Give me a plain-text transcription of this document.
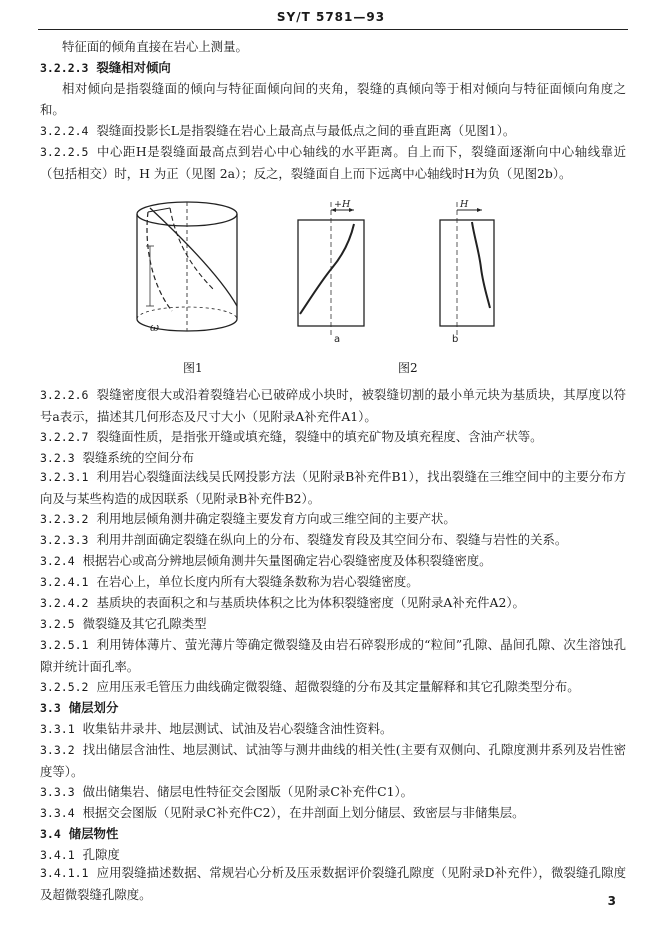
SY/T 5781—93
特征面的倾角直接在岩心上测量。
3.2.2.3 裂缝相对倾向
相对倾向是指裂缝面的倾向与特征面倾向间的夹角，裂缝的真倾向等于相对倾向与特征面倾向角度之和。
3.2.2.4 裂缝面投影长L是指裂缝在岩心上最高点与最低点之间的垂直距离（见图1）。
3.2.2.5 中心距H是裂缝面最高点到岩心中心轴线的水平距离。自上而下，裂缝面逐渐向中心轴线靠近（包括相交）时，H 为正（见图 2a）；反之，裂缝面自上而下远离中心轴线时H为负（见图2b）。
ω
+H
a
H
b
图1	图2
3.2.2.6 裂缝密度很大或沿着裂缝岩心已破碎成小块时，被裂缝切割的最小单元块为基质块，其厚度以符号a表示，描述其几何形态及尺寸大小（见附录A补充件A1）。
3.2.2.7 裂缝面性质，是指张开缝或填充缝，裂缝中的填充矿物及填充程度、含油产状等。
3.2.3 裂缝系统的空间分布
3.2.3.1 利用岩心裂缝面法线吴氏网投影方法（见附录B补充件B1），找出裂缝在三维空间中的主要分布方向及与某些构造的成因联系（见附录B补充件B2）。
3.2.3.2 利用地层倾角测井确定裂缝主要发育方向或三维空间的主要产状。
3.2.3.3 利用井剖面确定裂缝在纵向上的分布、裂缝发育段及其空间分布、裂缝与岩性的关系。
3.2.4 根据岩心或高分辨地层倾角测井矢量图确定岩心裂缝密度及体积裂缝密度。
3.2.4.1 在岩心上，单位长度内所有大裂缝条数称为岩心裂缝密度。
3.2.4.2 基质块的表面积之和与基质块体积之比为体积裂缝密度（见附录A补充件A2）。
3.2.5 微裂缝及其它孔隙类型
3.2.5.1 利用铸体薄片、萤光薄片等确定微裂缝及由岩石碎裂形成的“粒间”孔隙、晶间孔隙、次生溶蚀孔隙并统计面孔率。
3.2.5.2 应用压汞毛管压力曲线确定微裂缝、超微裂缝的分布及其定量解释和其它孔隙类型分布。
3.3 储层划分
3.3.1 收集钻井录井、地层测试、试油及岩心裂缝含油性资料。
3.3.2 找出储层含油性、地层测试、试油等与测井曲线的相关性(主要有双侧向、孔隙度测井系列及岩性密度等）。
3.3.3 做出储集岩、储层电性特征交会图版（见附录C补充件C1）。
3.3.4 根据交会图版（见附录C补充件C2），在井剖面上划分储层、致密层与非储集层。
3.4 储层物性
3.4.1 孔隙度
3.4.1.1 应用裂缝描述数据、常规岩心分析及压汞数据评价裂缝孔隙度（见附录D补充件），微裂缝孔隙度及超微裂缝孔隙度。	3
